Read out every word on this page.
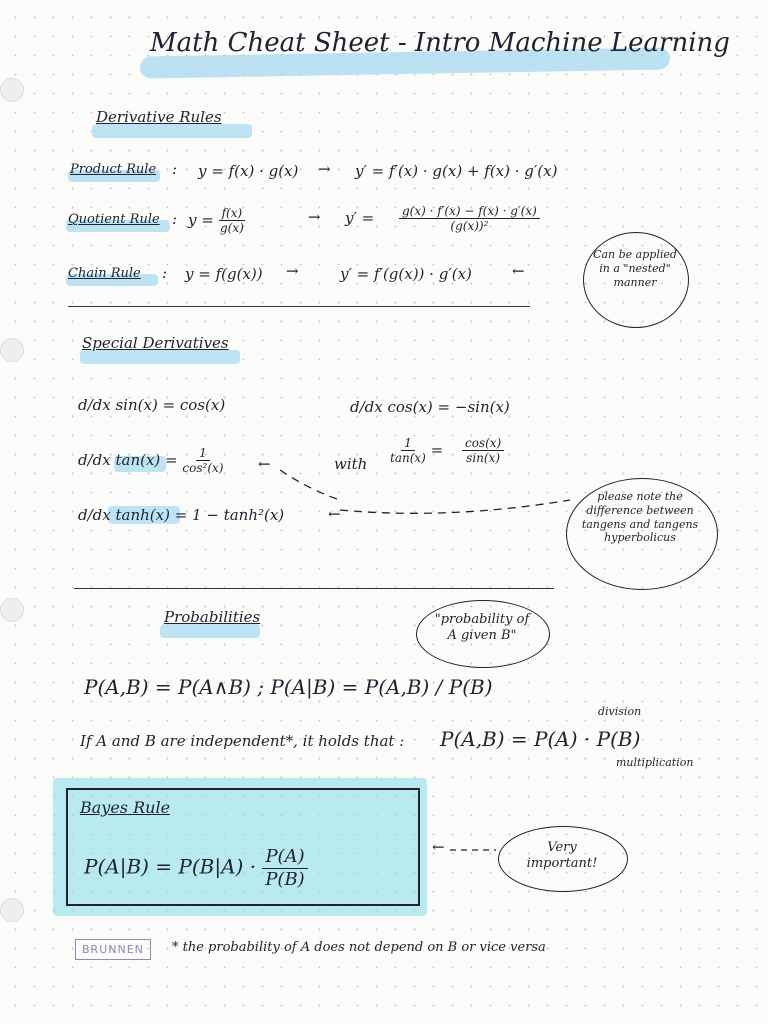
Math Cheat Sheet - Intro Machine Learning
Derivative Rules
Product Rule : y = f(x) · g(x) → y′ = f′(x) · g(x) + f(x) · g′(x)
Quotient Rule : $y = \frac{f(x)}{g(x)}$	→ $y' = \frac{g(x) \cdot f'(x) - f(x) \cdot g'(x)}{\text{(g(x))²}}$
Chain Rule : y = f(g(x)) →	y′ = f′(g(x)) · g′(x)	←
Can be applied in a "nested" manner
Special Derivatives
d/dx sin(x) = cos(x)	d/dx cos(x) = −sin(x)
d/dx $\tan(x) = \frac{1}{\text{cos²(x)}}$ ←	with $\frac{1}{\tan(x)} = \frac{\cos(x)}{\sin(x)}$
d/dx tanh(x) = 1 − tanh²(x)	←
please note the difference between tangens and tangens hyperbolicus
Probabilities	"probability of A given B"
P(A,B) = P(A∧B) ; P(A|B) = P(A,B) / P(B)
division
If A and B are independent*, it holds that : P(A,B) = P(A) · P(B)
multiplication
Bayes Rule
$P(A|B) = P(B|A) \cdot \frac{P(A)}{P(B)}$	←	Very important!
BRUNNEN	* the probability of A does not depend on B or vice versa
